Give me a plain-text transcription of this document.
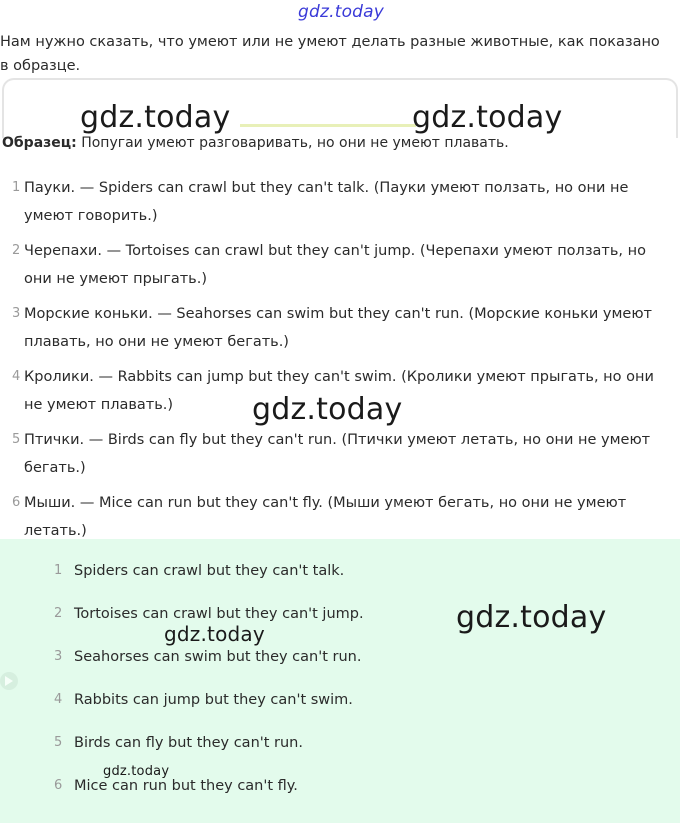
gdz.today

Нам нужно сказать, что умеют или не умеют делать разные животные, как показано в образце.

Образец: Попугаи умеют разговаривать, но они не умеют плавать.

1 Пауки. — Spiders can crawl but they can't talk. (Пауки умеют ползать, но они не умеют говорить.)
2 Черепахи. — Tortoises can crawl but they can't jump. (Черепахи умеют ползать, но они не умеют прыгать.)
3 Морские коньки. — Seahorses can swim but they can't run. (Морские коньки умеют плавать, но они не умеют бегать.)
4 Кролики. — Rabbits can jump but they can't swim. (Кролики умеют прыгать, но они не умеют плавать.)
5 Птички. — Birds can fly but they can't run. (Птички умеют летать, но они не умеют бегать.)
6 Мыши. — Mice can run but they can't fly. (Мыши умеют бегать, но они не умеют летать.)
1 Spiders can crawl but they can't talk.
2 Tortoises can crawl but they can't jump.
3 Seahorses can swim but they can't run.
4 Rabbits can jump but they can't swim.
5 Birds can fly but they can't run.
6 Mice can run but they can't fly.
gdz.today	gdz.today
gdz.today
gdz.today
gdz.today
gdz.today
